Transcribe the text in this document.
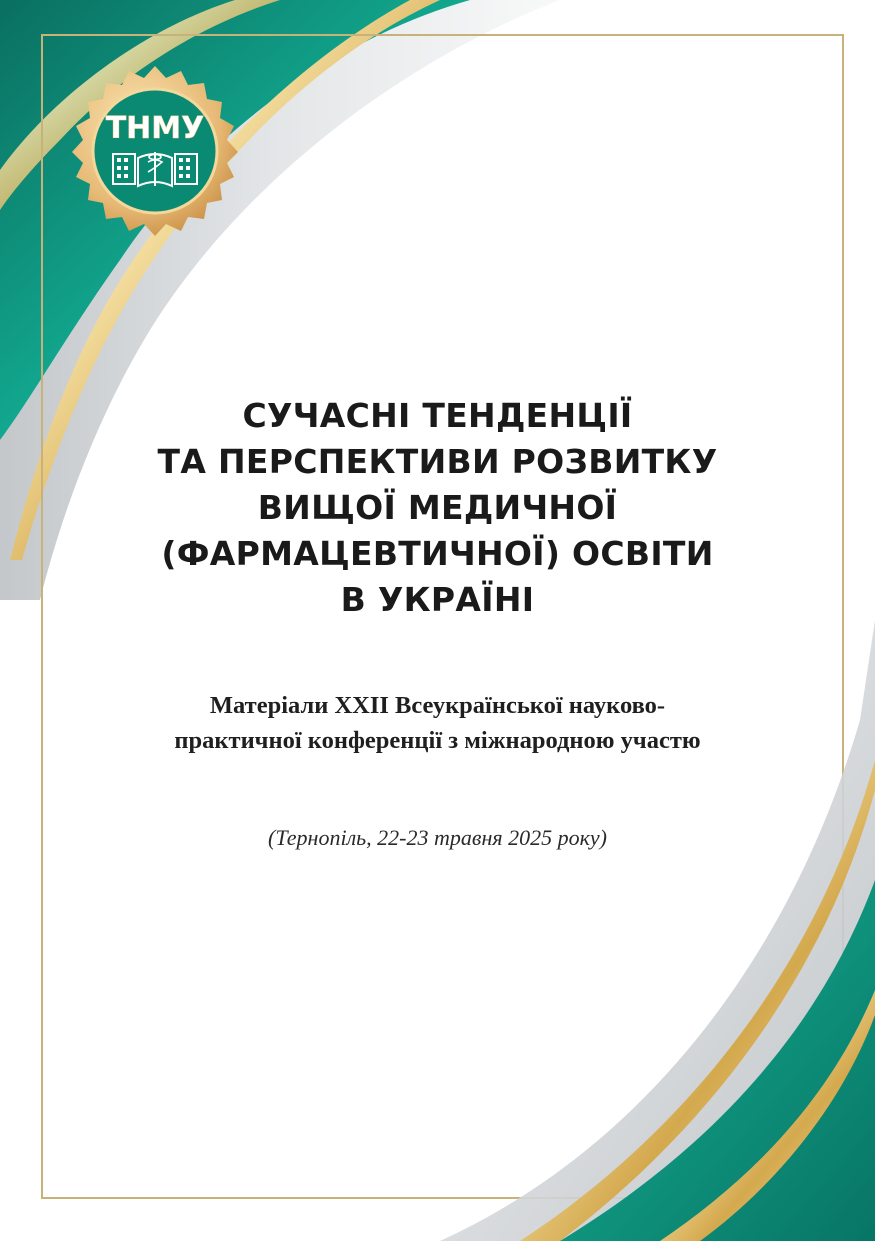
ТНМУ
СУЧАСНІ ТЕНДЕНЦІЇ
ТА ПЕРСПЕКТИВИ РОЗВИТКУ
ВИЩОЇ МЕДИЧНОЇ
(ФАРМАЦЕВТИЧНОЇ) ОСВІТИ
В УКРАЇНІ

Матеріали XXII Всеукраїнської науково-
практичної конференції з міжнародною участю

(Тернопіль, 22-23 травня 2025 року)
